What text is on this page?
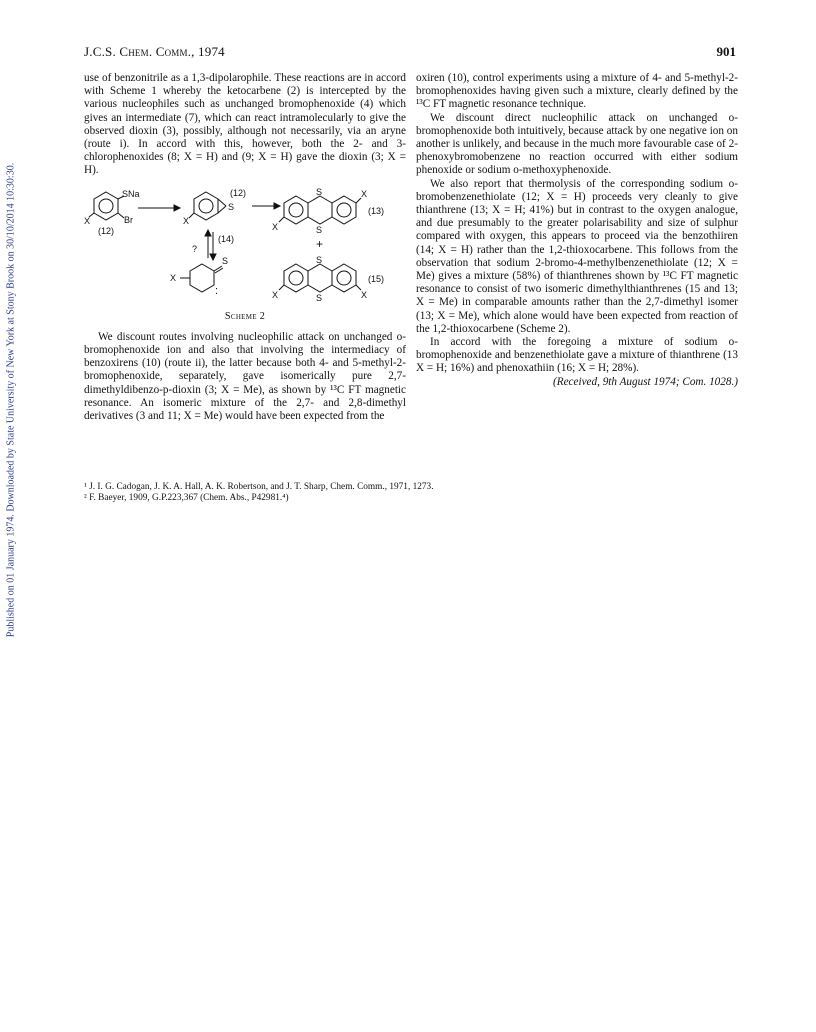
J.C.S. Chem. Comm., 1974	901
Published on 01 January 1974. Downloaded by State University of New York at Stony Brook on 30/10/2014 10:30:30.

use of benzonitrile as a 1,3-dipolarophile. These reactions are in accord with Scheme 1 whereby the ketocarbene (2) is intercepted by the various nucleophiles such as unchanged bromophenoxide (4) which gives an intermediate (7), which can react intramolecularly to give the observed dioxin (3), possibly, although not necessarily, via an aryne (route i). In accord with this, however, both the 2- and 3-chlorophenoxides (8; X = H) and (9; X = H) gave the dioxin (3; X = H).

SNa
Br
X
(12)
S
(12)
X
S
S
X
X
(13)
(14)
?	+
S
X
:
S
S
X	X
(15)
Scheme 2

We discount routes involving nucleophilic attack on unchanged o-bromophenoxide ion and also that involving the intermediacy of benzoxirens (10) (route ii), the latter because both 4- and 5-methyl-2-bromophenoxide, separately, gave isomerically pure 2,7-dimethyldibenzo-p-dioxin (3; X = Me), as shown by ¹³C FT magnetic resonance. An isomeric mixture of the 2,7- and 2,8-dimethyl derivatives (3 and 11; X = Me) would have been expected from the

oxiren (10), control experiments using a mixture of 4- and 5-methyl-2-bromophenoxides having given such a mixture, clearly defined by the ¹³C FT magnetic resonance technique.

We discount direct nucleophilic attack on unchanged o-bromophenoxide both intuitively, because attack by one negative ion on another is unlikely, and because in the much more favourable case of 2-phenoxybromobenzene no reaction occurred with either sodium phenoxide or sodium o-methoxyphenoxide.

We also report that thermolysis of the corresponding sodium o-bromobenzenethiolate (12; X = H) proceeds very cleanly to give thianthrene (13; X = H; 41%) but in contrast to the oxygen analogue, and due presumably to the greater polarisability and size of sulphur compared with oxygen, this appears to proceed via the benzothiiren (14; X = H) rather than the 1,2-thioxocarbene. This follows from the observation that sodium 2-bromo-4-methylbenzenethiolate (12; X = Me) gives a mixture (58%) of thianthrenes shown by ¹³C FT magnetic resonance to consist of two isomeric dimethylthianthrenes (15 and 13; X = Me) in comparable amounts rather than the 2,7-dimethyl isomer (13; X = Me), which alone would have been expected from reaction of the 1,2-thioxocarbene (Scheme 2).

In accord with the foregoing a mixture of sodium o-bromophenoxide and benzenethiolate gave a mixture of thianthrene (13 X = H; 16%) and phenoxathiin (16; X = H; 28%).

(Received, 9th August 1974; Com. 1028.)

¹ J. I. G. Cadogan, J. K. A. Hall, A. K. Robertson, and J. T. Sharp, Chem. Comm., 1971, 1273.
² F. Baeyer, 1909, G.P.223,367 (Chem. Abs., P42981.⁴)
